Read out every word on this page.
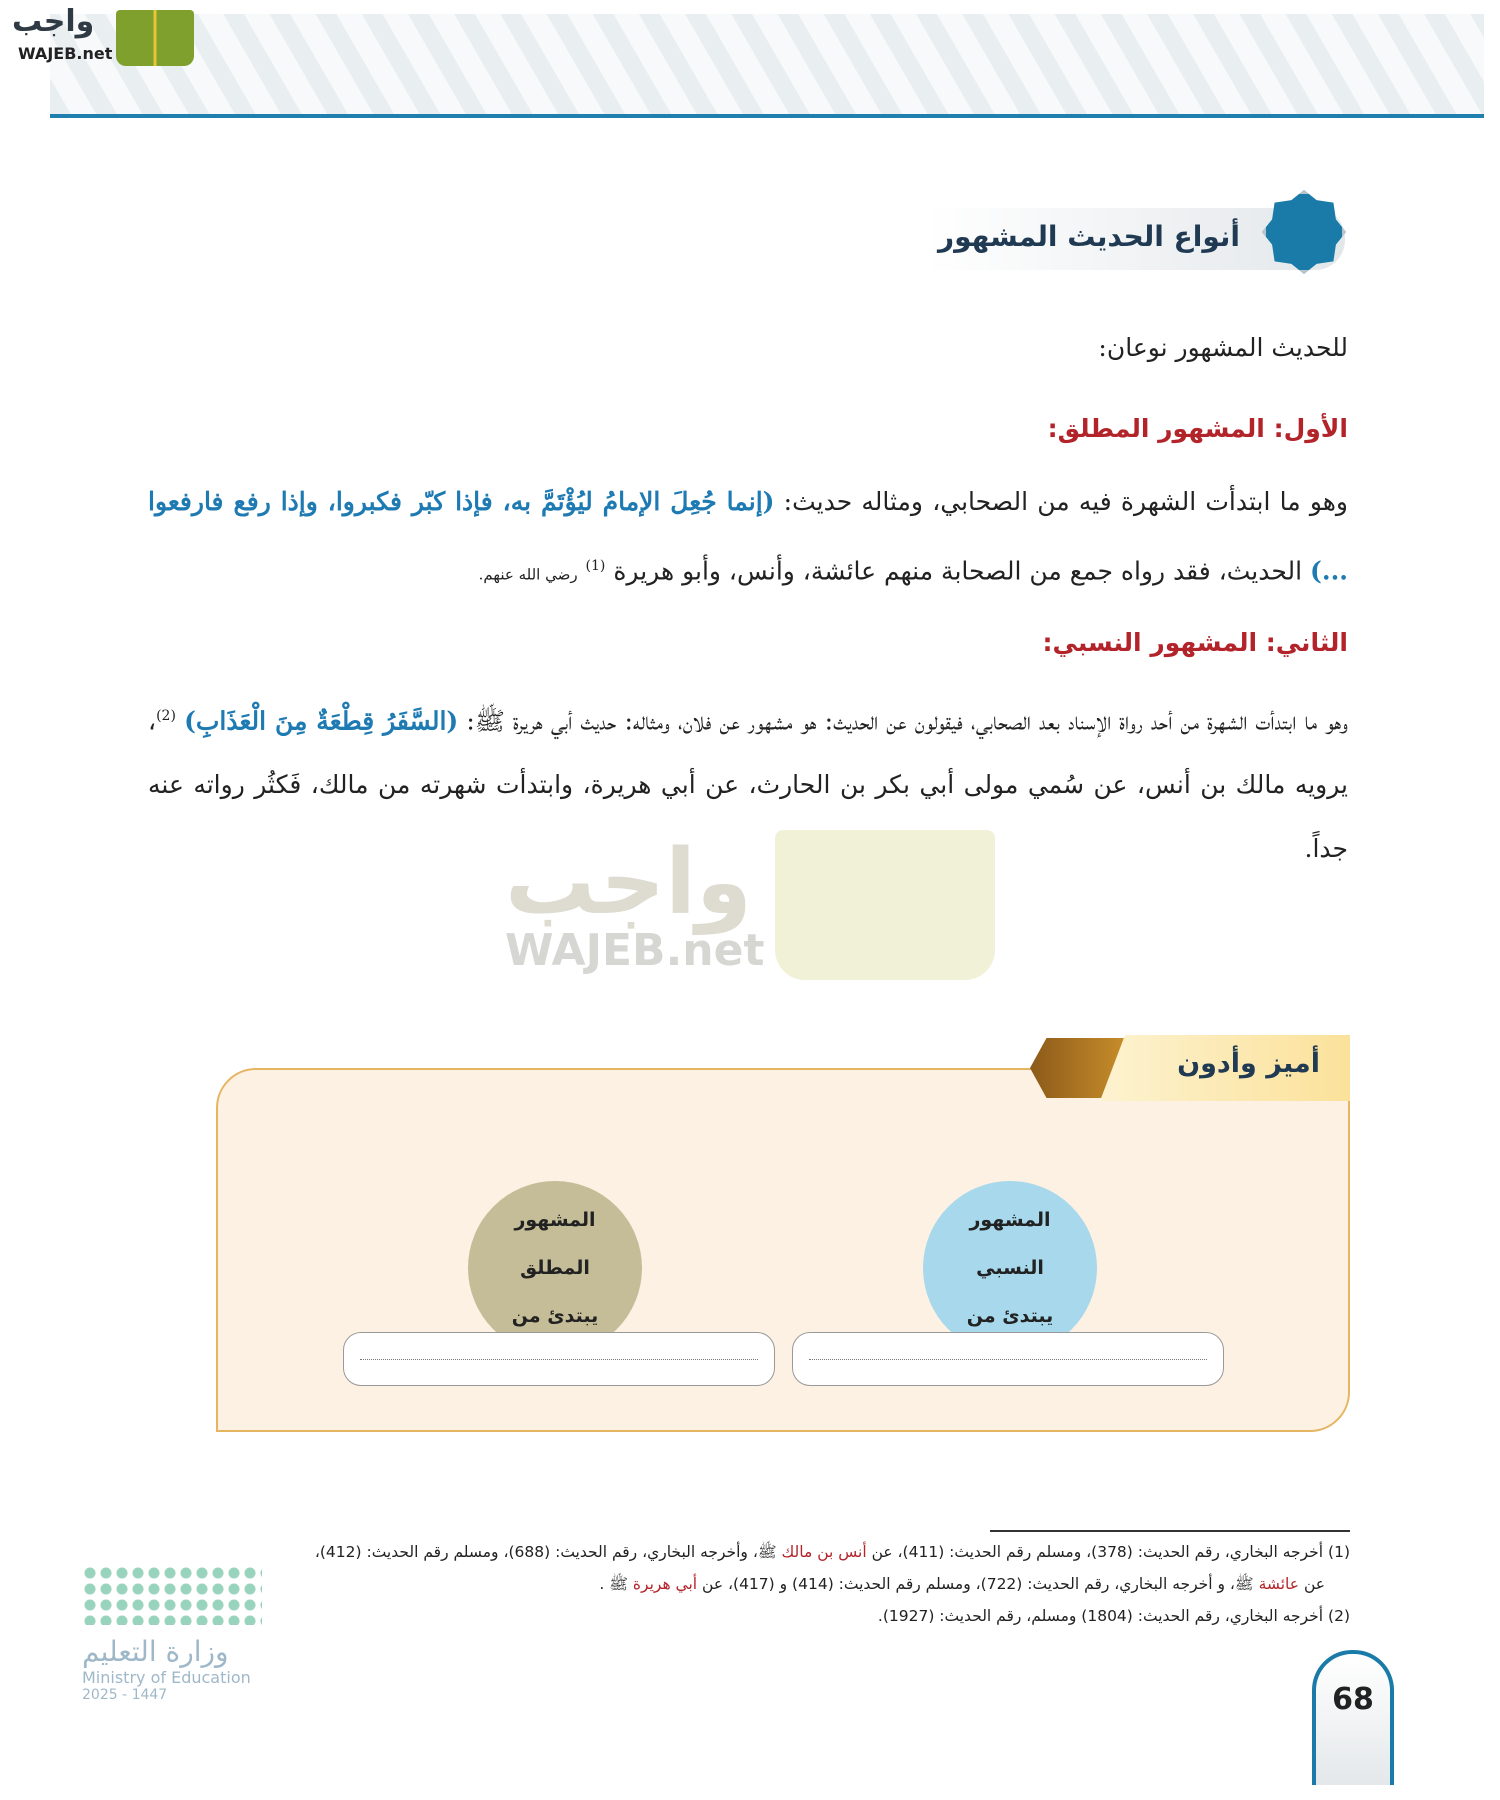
واجب
WAJEB.net
أنواع الحديث المشهور
للحديث المشهور نوعان:
الأول: المشهور المطلق:
وهو ما ابتدأت الشهرة فيه من الصحابي، ومثاله حديث: (إنما جُعِلَ الإمامُ ليُؤْتَمَّ به، فإذا كبّر فكبروا، وإذا رفع فارفعوا ...) الحديث، فقد رواه جمع من الصحابة منهم عائشة، وأنس، وأبو هريرة $^{(1)}$ رضي الله عنهم.
الثاني: المشهور النسبي:
وهو ما ابتدأت الشهرة من أحد رواة الإسناد بعد الصحابي، فيقولون عن الحديث: هو مشهور عن فلان، ومثاله: حديث أبي هريرة ﷺ: (السَّفَرُ قِطْعَةٌ مِنَ الْعَذَابِ) $^{(2)}$، يرويه مالك بن أنس، عن سُمي مولى أبي بكر بن الحارث، عن أبي هريرة، وابتدأت شهرته من مالك، فَكثُر رواته عنه جداً.
واجب
WAJEB.net
أميز وأدون
المشهور
المطلق
يبتدئ من
المشهور
النسبي
يبتدئ من
(1) أخرجه البخاري، رقم الحديث: (378)، ومسلم رقم الحديث: (411)، عن أنس بن مالك ﷺ، وأخرجه البخاري، رقم الحديث: (688)، ومسلم رقم الحديث: (412)،
عن عائشة ﷺ، و أخرجه البخاري، رقم الحديث: (722)، ومسلم رقم الحديث: (414) و (417)، عن أبي هريرة ﷺ .
(2) أخرجه البخاري، رقم الحديث: (1804) ومسلم، رقم الحديث: (1927).
وزارة التعليم
Ministry of Education
2025 - 1447	68
